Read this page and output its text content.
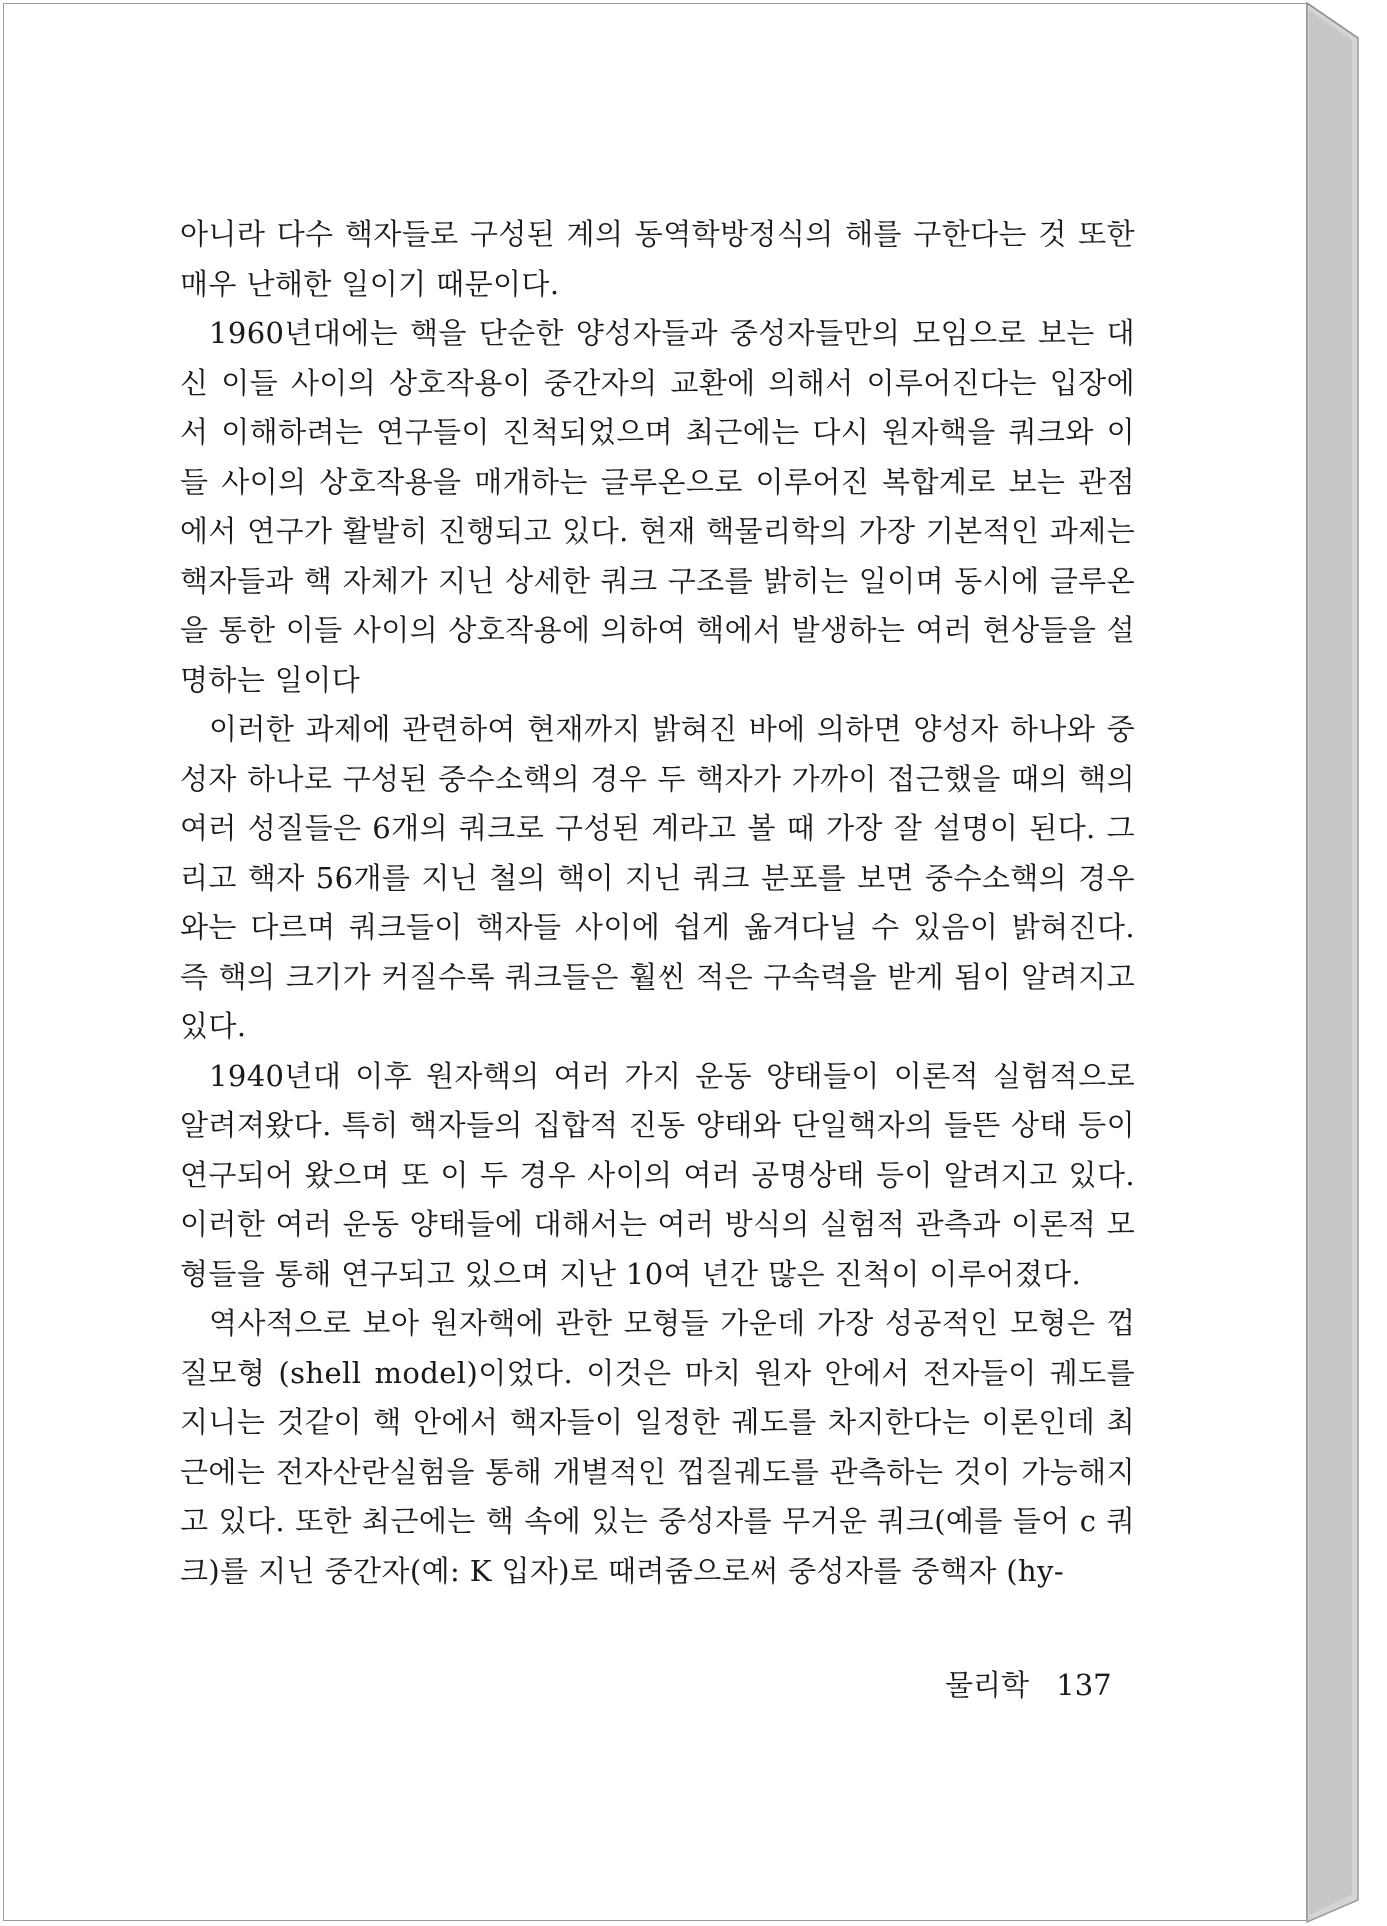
아니라 다수 핵자들로 구성된 계의 동역학방정식의 해를 구한다는 것 또한 매우 난해한 일이기 때문이다.

1960년대에는 핵을 단순한 양성자들과 중성자들만의 모임으로 보는 대신 이들 사이의 상호작용이 중간자의 교환에 의해서 이루어진다는 입장에서 이해하려는 연구들이 진척되었으며 최근에는 다시 원자핵을 쿼크와 이들 사이의 상호작용을 매개하는 글루온으로 이루어진 복합계로 보는 관점에서 연구가 활발히 진행되고 있다. 현재 핵물리학의 가장 기본적인 과제는 핵자들과 핵 자체가 지닌 상세한 쿼크 구조를 밝히는 일이며 동시에 글루온을 통한 이들 사이의 상호작용에 의하여 핵에서 발생하는 여러 현상들을 설명하는 일이다

이러한 과제에 관련하여 현재까지 밝혀진 바에 의하면 양성자 하나와 중성자 하나로 구성된 중수소핵의 경우 두 핵자가 가까이 접근했을 때의 핵의 여러 성질들은 6개의 쿼크로 구성된 계라고 볼 때 가장 잘 설명이 된다. 그리고 핵자 56개를 지닌 철의 핵이 지닌 쿼크 분포를 보면 중수소핵의 경우와는 다르며 쿼크들이 핵자들 사이에 쉽게 옮겨다닐 수 있음이 밝혀진다. 즉 핵의 크기가 커질수록 쿼크들은 훨씬 적은 구속력을 받게 됨이 알려지고 있다.

1940년대 이후 원자핵의 여러 가지 운동 양태들이 이론적 실험적으로 알려져왔다. 특히 핵자들의 집합적 진동 양태와 단일핵자의 들뜬 상태 등이 연구되어 왔으며 또 이 두 경우 사이의 여러 공명상태 등이 알려지고 있다. 이러한 여러 운동 양태들에 대해서는 여러 방식의 실험적 관측과 이론적 모형들을 통해 연구되고 있으며 지난 10여 년간 많은 진척이 이루어졌다.

역사적으로 보아 원자핵에 관한 모형들 가운데 가장 성공적인 모형은 껍질모형 (shell model)이었다. 이것은 마치 원자 안에서 전자들이 궤도를 지니는 것같이 핵 안에서 핵자들이 일정한 궤도를 차지한다는 이론인데 최근에는 전자산란실험을 통해 개별적인 껍질궤도를 관측하는 것이 가능해지고 있다. 또한 최근에는 핵 속에 있는 중성자를 무거운 쿼크(예를 들어 c 쿼크)를 지닌 중간자(예: K 입자)로 때려줌으로써 중성자를 중핵자 (hy-

물리학 137
